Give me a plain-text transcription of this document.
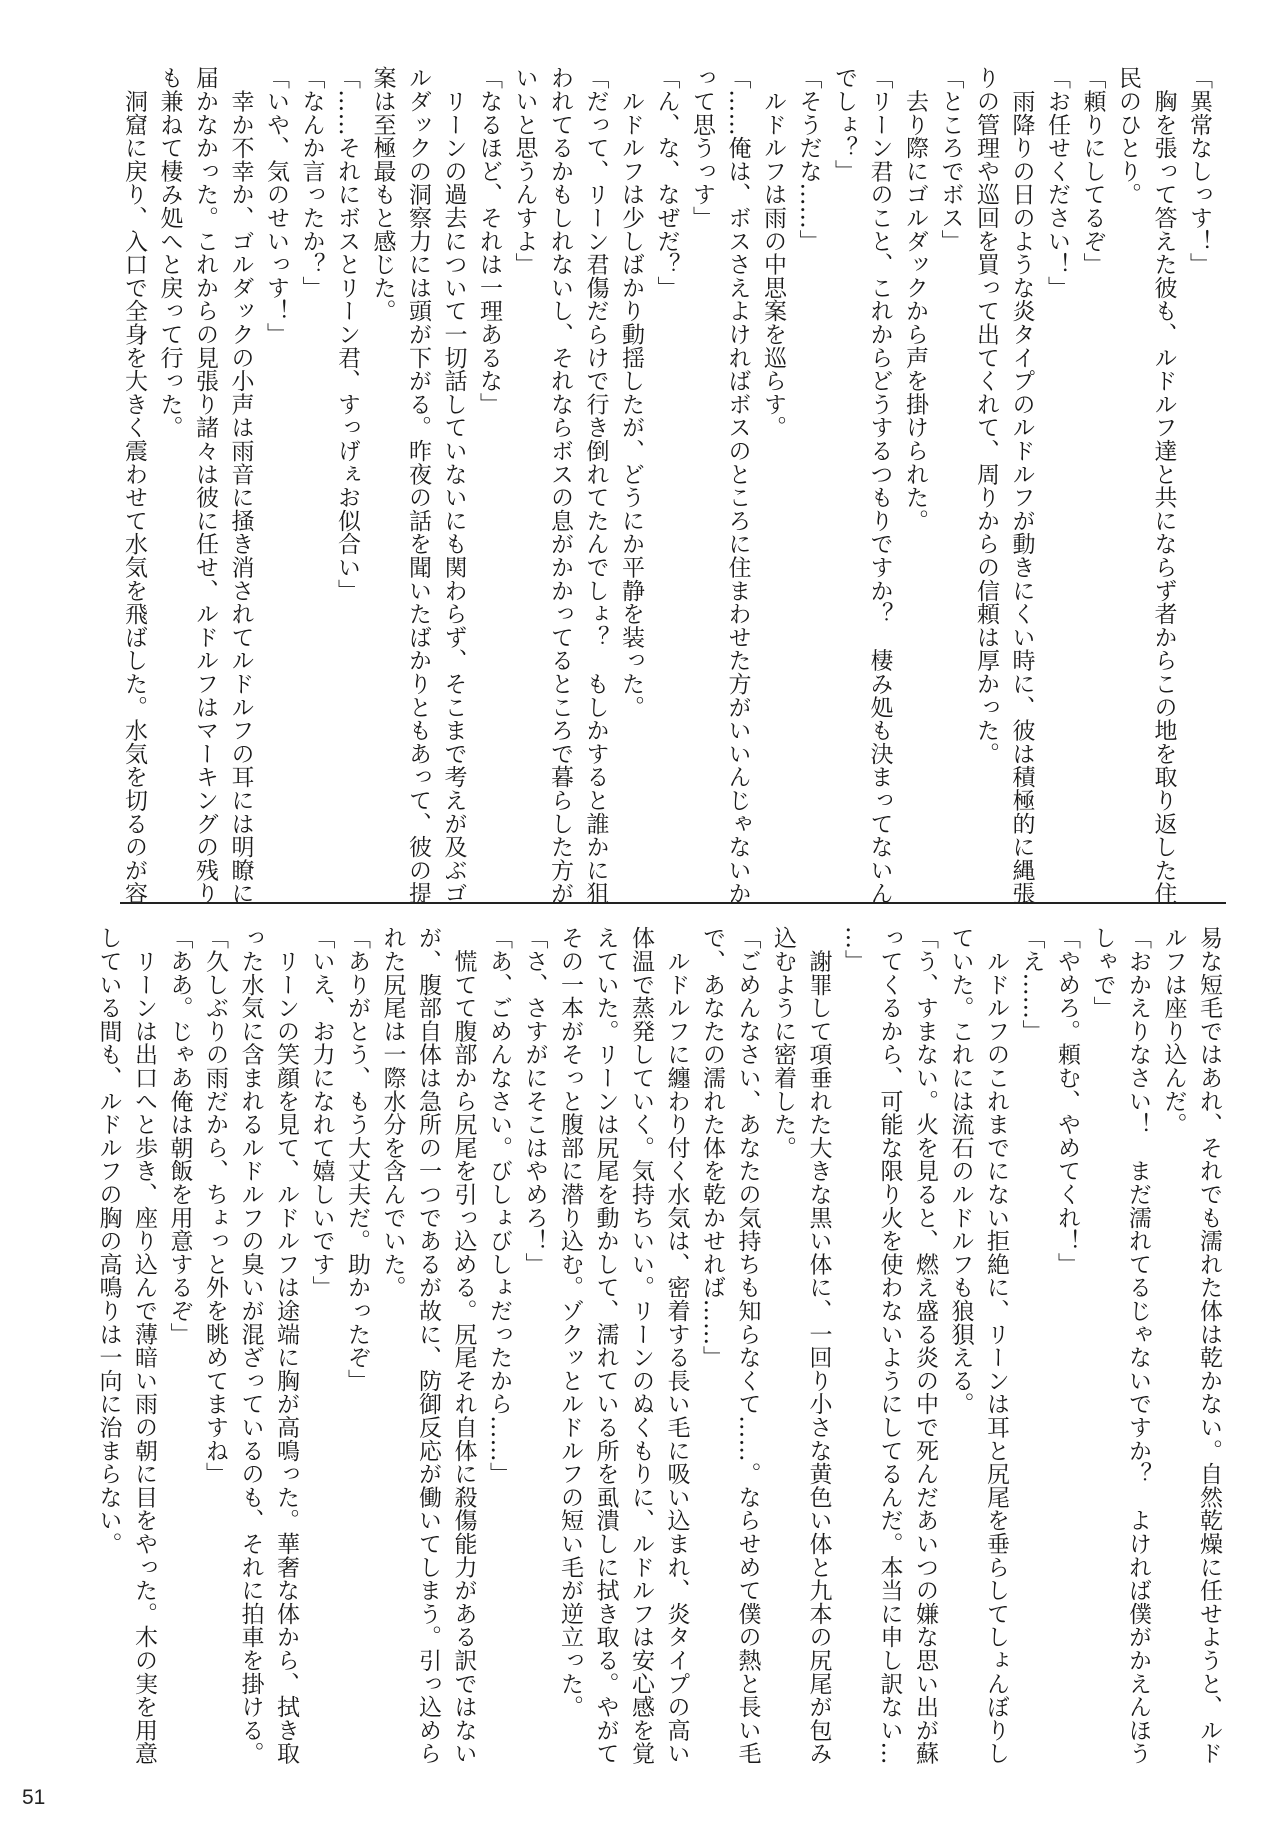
「異常なしっす！」
　胸を張って答えた彼も、ルドルフ達と共にならず者からこの地を取り返した住
民のひとり。
「頼りにしてるぞ」
「お任せください！」
　雨降りの日のような炎タイプのルドルフが動きにくい時に、彼は積極的に縄張
りの管理や巡回を買って出てくれて、周りからの信頼は厚かった。
「ところでボス」
　去り際にゴルダックから声を掛けられた。
「リーン君のこと、これからどうするつもりですか？　棲み処も決まってないん
でしょ？」
「そうだな……」
　ルドルフは雨の中思案を巡らす。
「……俺は、ボスさえよければボスのところに住まわせた方がいいんじゃないか
って思うっす」
「ん、な、なぜだ？」
　ルドルフは少しばかり動揺したが、どうにか平静を装った。
「だって、リーン君傷だらけで行き倒れてたんでしょ？　もしかすると誰かに狙
われてるかもしれないし、それならボスの息がかかってるところで暮らした方が
いいと思うんすよ」
「なるほど、それは一理あるな」
　リーンの過去について一切話していないにも関わらず、そこまで考えが及ぶゴ
ルダックの洞察力には頭が下がる。昨夜の話を聞いたばかりともあって、彼の提
案は至極最もと感じた。
「……それにボスとリーン君、すっげぇお似合い」
「なんか言ったか？」
「いや、気のせいっす！」
　幸か不幸か、ゴルダックの小声は雨音に掻き消されてルドルフの耳には明瞭に
届かなかった。これからの見張り諸々は彼に任せ、ルドルフはマーキングの残り
も兼ねて棲み処へと戻って行った。
　洞窟に戻り、入口で全身を大きく震わせて水気を飛ばした。水気を切るのが容
易な短毛ではあれ、それでも濡れた体は乾かない。自然乾燥に任せようと、ルド
ルフは座り込んだ。
「おかえりなさい！　まだ濡れてるじゃないですか？　よければ僕がかえんほう
しゃで」
「やめろ。頼む、やめてくれ！」
「え……」
　ルドルフのこれまでにない拒絶に、リーンは耳と尻尾を垂らしてしょんぼりし
ていた。これには流石のルドルフも狼狽える。
「う、すまない。火を見ると、燃え盛る炎の中で死んだあいつの嫌な思い出が蘇
ってくるから、可能な限り火を使わないようにしてるんだ。本当に申し訳ない…
…」
　謝罪して項垂れた大きな黒い体に、一回り小さな黄色い体と九本の尻尾が包み
込むように密着した。
「ごめんなさい、あなたの気持ちも知らなくて……。ならせめて僕の熱と長い毛
で、あなたの濡れた体を乾かせれば……」
　ルドルフに纏わり付く水気は、密着する長い毛に吸い込まれ、炎タイプの高い
体温で蒸発していく。気持ちいい。リーンのぬくもりに、ルドルフは安心感を覚
えていた。リーンは尻尾を動かして、濡れている所を虱潰しに拭き取る。やがて
その一本がそっと腹部に潜り込む。ゾクッとルドルフの短い毛が逆立った。
「さ、さすがにそこはやめろ！」
「あ、ごめんなさい。びしょびしょだったから……」
　慌てて腹部から尻尾を引っ込める。尻尾それ自体に殺傷能力がある訳ではない
が、腹部自体は急所の一つであるが故に、防御反応が働いてしまう。引っ込めら
れた尻尾は一際水分を含んでいた。
「ありがとう、もう大丈夫だ。助かったぞ」
「いえ、お力になれて嬉しいです」
　リーンの笑顔を見て、ルドルフは途端に胸が高鳴った。華奢な体から、拭き取
った水気に含まれるルドルフの臭いが混ざっているのも、それに拍車を掛ける。
「久しぶりの雨だから、ちょっと外を眺めてますね」
「ああ。じゃあ俺は朝飯を用意するぞ」
　リーンは出口へと歩き、座り込んで薄暗い雨の朝に目をやった。木の実を用意
している間も、ルドルフの胸の高鳴りは一向に治まらない。
51
